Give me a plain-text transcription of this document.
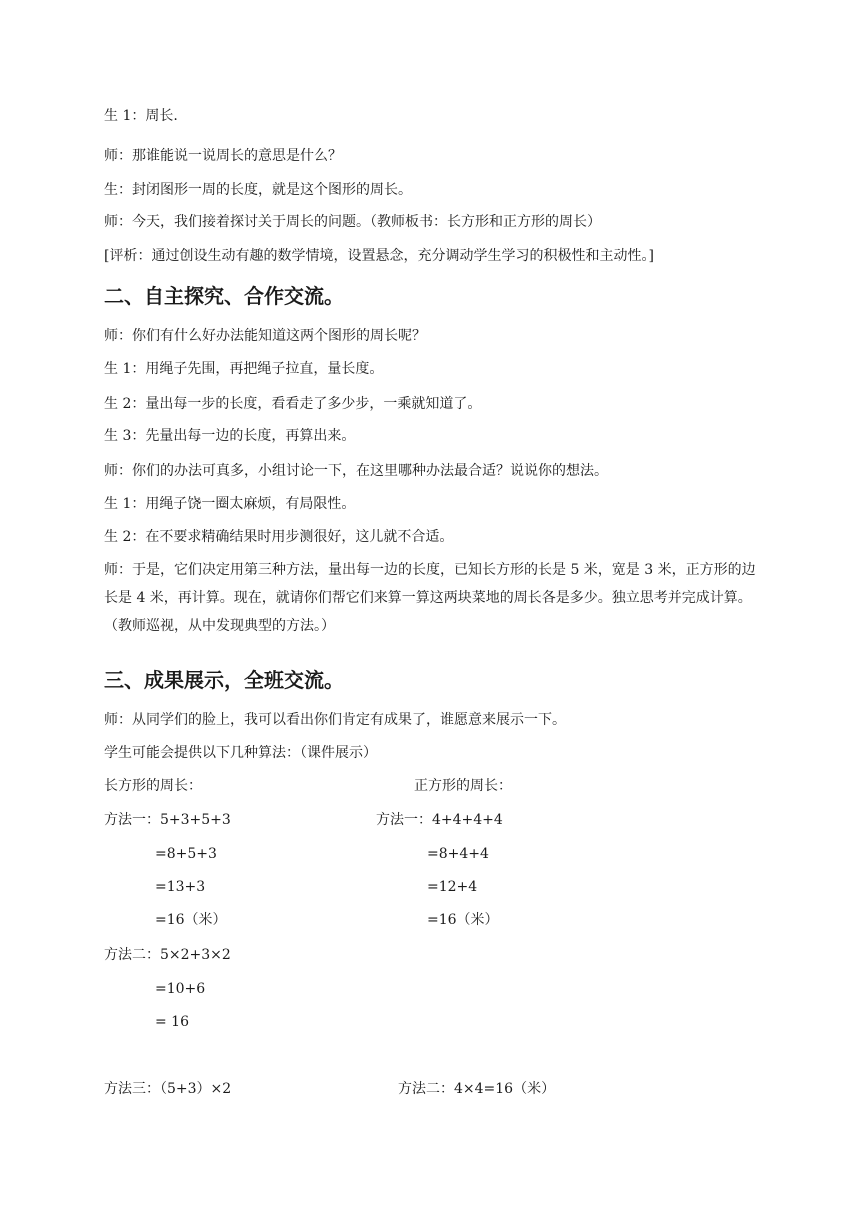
生 1：周长.
师：那谁能说一说周长的意思是什么？
生：封闭图形一周的长度，就是这个图形的周长。
师：今天，我们接着探讨关于周长的问题。（教师板书：长方形和正方形的周长）
[评析：通过创设生动有趣的数学情境，设置悬念，充分调动学生学习的积极性和主动性。]
二、自主探究、合作交流。
师：你们有什么好办法能知道这两个图形的周长呢？
生 1：用绳子先围，再把绳子拉直，量长度。
生 2：量出每一步的长度，看看走了多少步，一乘就知道了。
生 3：先量出每一边的长度，再算出来。
师：你们的办法可真多，小组讨论一下，在这里哪种办法最合适？说说你的想法。
生 1：用绳子饶一圈太麻烦，有局限性。
生 2：在不要求精确结果时用步测很好，这儿就不合适。
师：于是，它们决定用第三种方法，量出每一边的长度，已知长方形的长是 5 米，宽是 3 米，正方形的边长是 4 米，再计算。现在，就请你们帮它们来算一算这两块菜地的周长各是多少。独立思考并完成计算。（教师巡视，从中发现典型的方法。）
三、成果展示，全班交流。
师：从同学们的脸上，我可以看出你们肯定有成果了，谁愿意来展示一下。
学生可能会提供以下几种算法：（课件展示）
长方形的周长：	正方形的周长：
方法一：5+3+5+3
=8+5+3
=13+3
=16（米）
方法一：4+4+4+4
=8+4+4
=12+4
=16（米）
方法二：5×2+3×2
=10+6
= 16
方法三：（5+3）×2	方法二：4×4=16（米）
